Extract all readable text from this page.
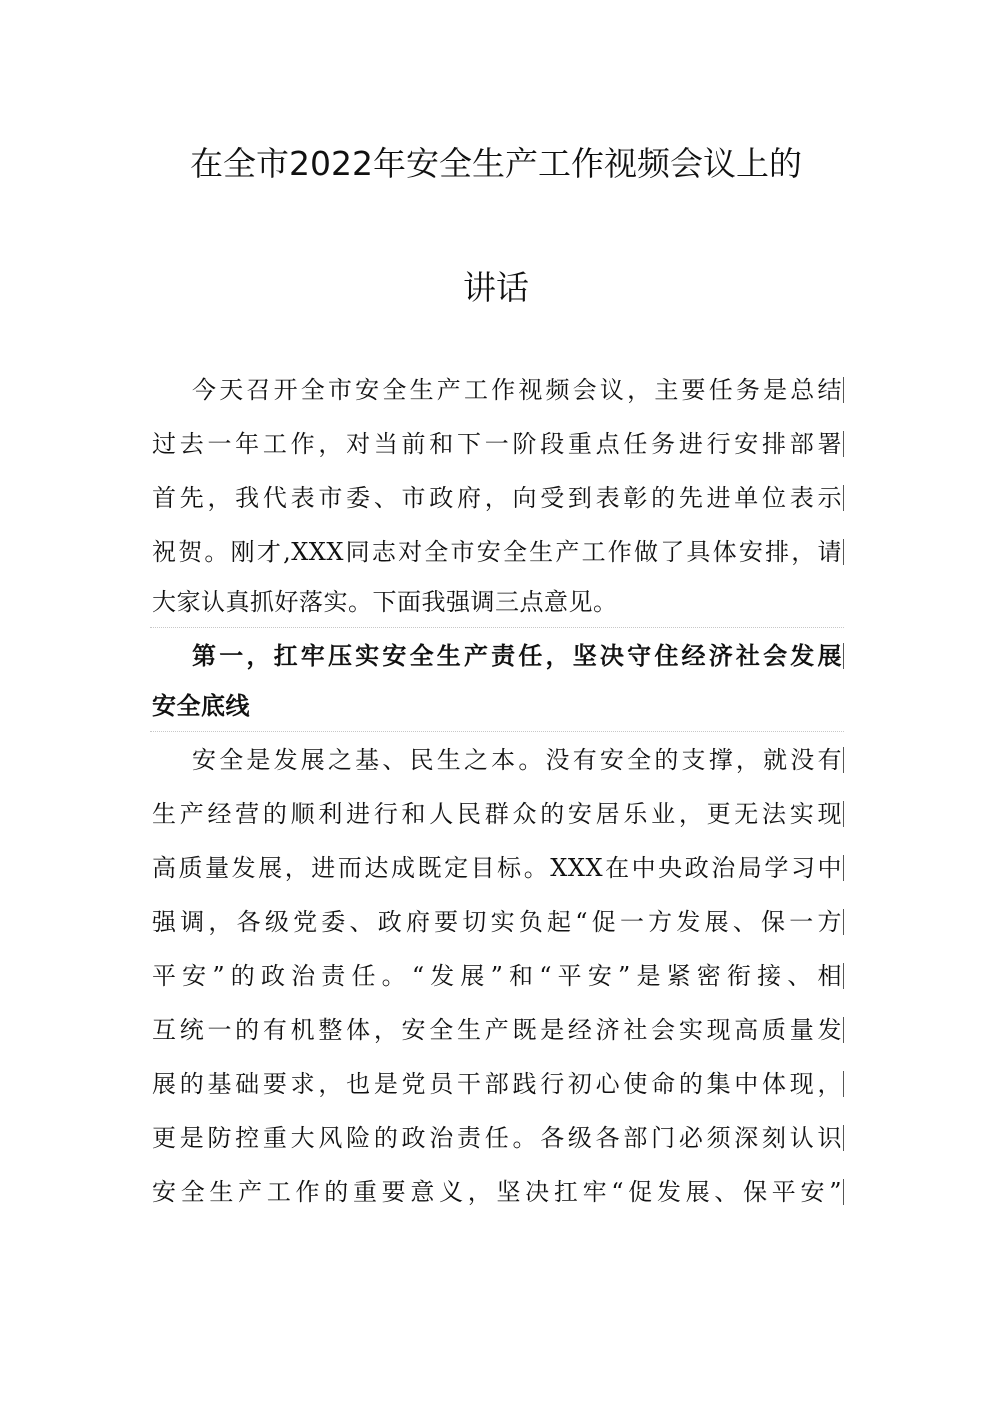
在全市2022年安全生产工作视频会议上的
讲话
今天召开全市安全生产工作视频会议，主要任务是总结
过去一年工作，对当前和下一阶段重点任务进行安排部署
首先，我代表市委、市政府，向受到表彰的先进单位表示
祝贺。刚才,XXX同志对全市安全生产工作做了具体安排，请
大家认真抓好落实。下面我强调三点意见。
第一，扛牢压实安全生产责任，坚决守住经济社会发展
安全底线
安全是发展之基、民生之本。没有安全的支撑，就没有
生产经营的顺利进行和人民群众的安居乐业，更无法实现
高质量发展，进而达成既定目标。XXX在中央政治局学习中
强调，各级党委、政府要切实负起“促一方发展、保一方
平安”的政治责任。“发展”和“平安”是紧密衔接、相
互统一的有机整体，安全生产既是经济社会实现高质量发
展的基础要求，也是党员干部践行初心使命的集中体现，
更是防控重大风险的政治责任。各级各部门必须深刻认识
安全生产工作的重要意义，坚决扛牢“促发展、保平安”
